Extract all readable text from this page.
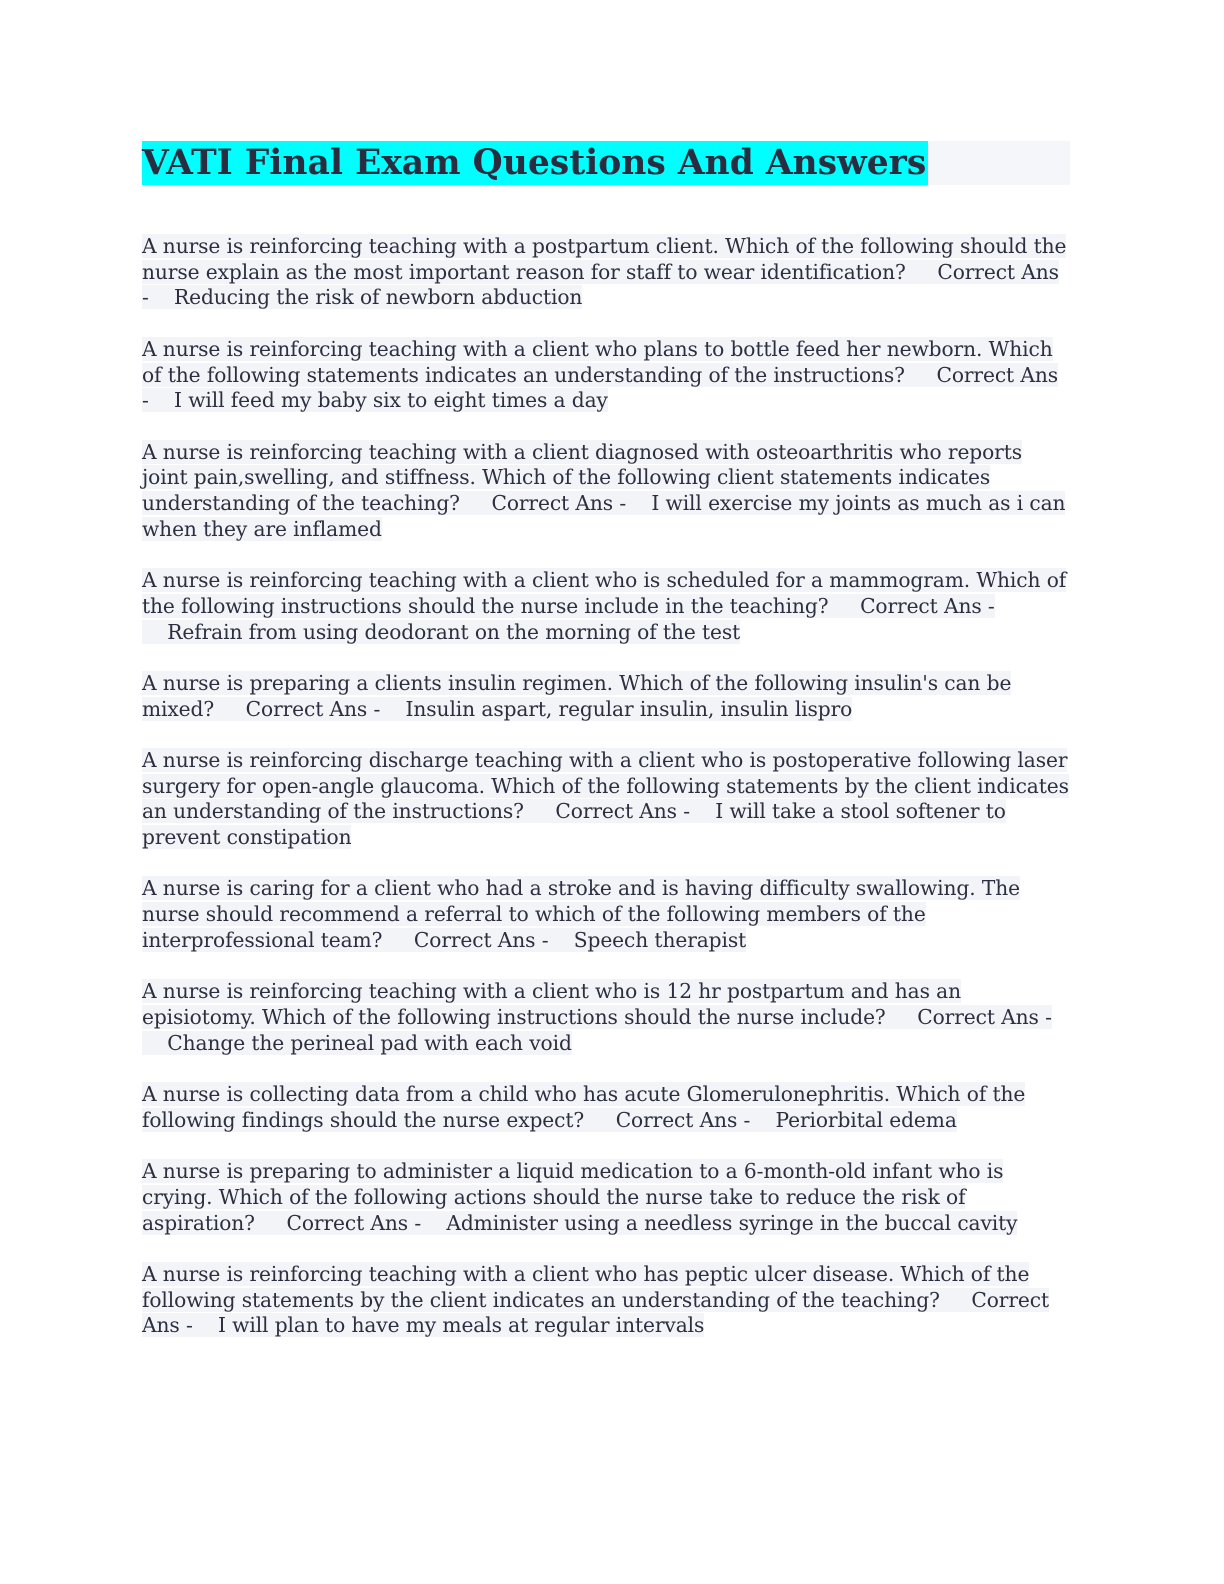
VATI Final Exam Questions And Answers

A nurse is reinforcing teaching with a postpartum client. Which of the following should the nurse explain as the most important reason for staff to wear identification? Correct Ans - Reducing the risk of newborn abduction

A nurse is reinforcing teaching with a client who plans to bottle feed her newborn. Which of the following statements indicates an understanding of the instructions? Correct Ans - I will feed my baby six to eight times a day

A nurse is reinforcing teaching with a client diagnosed with osteoarthritis who reports joint pain,swelling, and stiffness. Which of the following client statements indicates understanding of the teaching? Correct Ans - I will exercise my joints as much as i can when they are inflamed

A nurse is reinforcing teaching with a client who is scheduled for a mammogram. Which of the following instructions should the nurse include in the teaching? Correct Ans -    Refrain from using deodorant on the morning of the test

A nurse is preparing a clients insulin regimen. Which of the following insulin's can be mixed? Correct Ans - Insulin aspart, regular insulin, insulin lispro

A nurse is reinforcing discharge teaching with a client who is postoperative following laser surgery for open-angle glaucoma. Which of the following statements by the client indicates an understanding of the instructions? Correct Ans - I will take a stool softener to prevent constipation

A nurse is caring for a client who had a stroke and is having difficulty swallowing. The nurse should recommend a referral to which of the following members of the interprofessional team? Correct Ans - Speech therapist

A nurse is reinforcing teaching with a client who is 12 hr postpartum and has an episiotomy. Which of the following instructions should the nurse include? Correct Ans -    Change the perineal pad with each void

A nurse is collecting data from a child who has acute Glomerulonephritis. Which of the following findings should the nurse expect? Correct Ans - Periorbital edema

A nurse is preparing to administer a liquid medication to a 6-month-old infant who is crying. Which of the following actions should the nurse take to reduce the risk of aspiration? Correct Ans - Administer using a needless syringe in the buccal cavity

A nurse is reinforcing teaching with a client who has peptic ulcer disease. Which of the following statements by the client indicates an understanding of the teaching? Correct Ans - I will plan to have my meals at regular intervals
